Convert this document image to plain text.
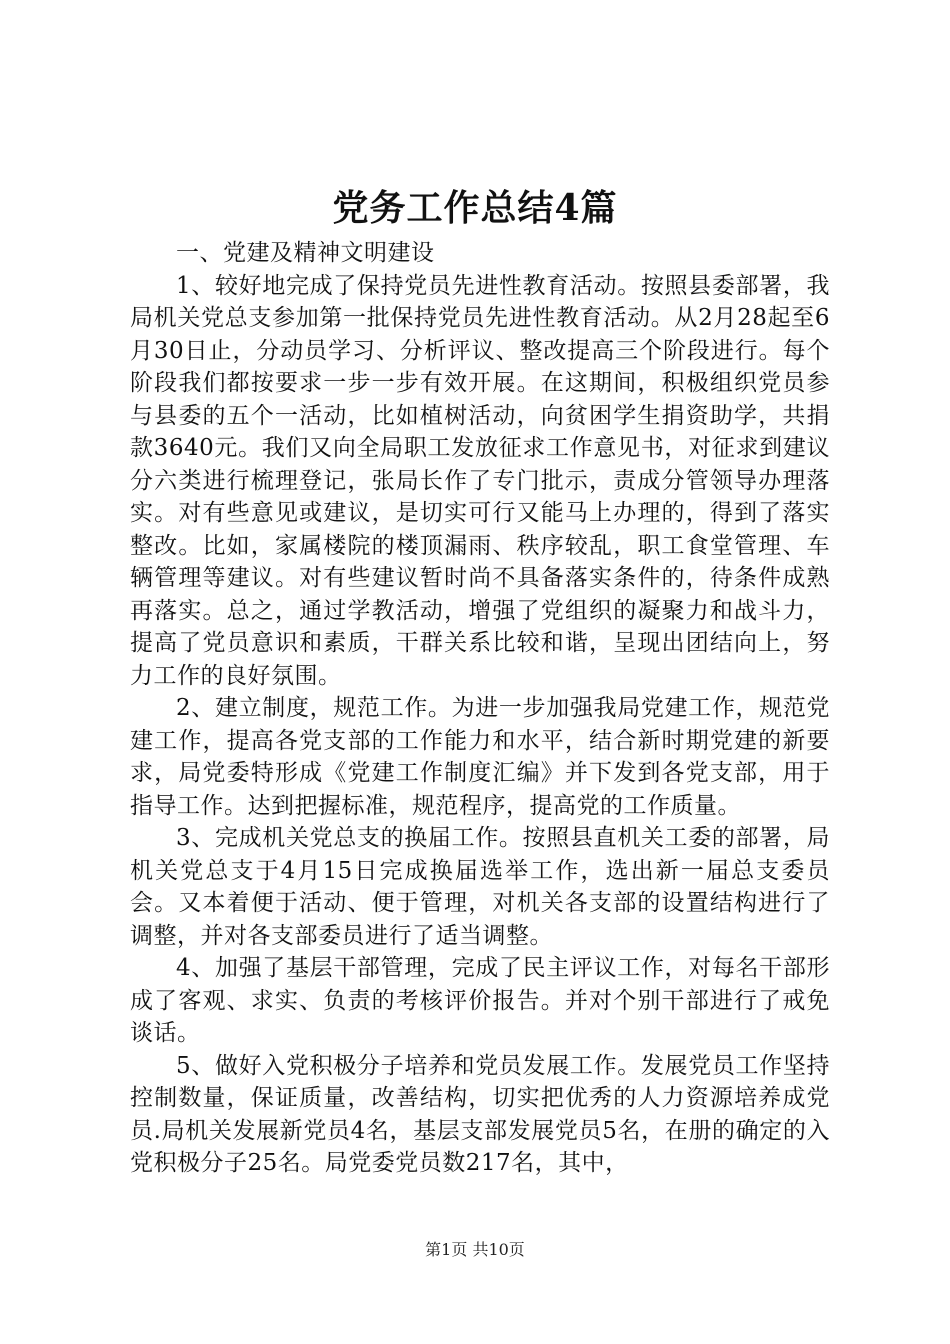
党务工作总结4篇

一、党建及精神文明建设

1、较好地完成了保持党员先进性教育活动。按照县委部署，我局机关党总支参加第一批保持党员先进性教育活动。从2月28起至6月30日止，分动员学习、分析评议、整改提高三个阶段进行。每个阶段我们都按要求一步一步有效开展。在这期间，积极组织党员参与县委的五个一活动，比如植树活动，向贫困学生捐资助学，共捐款3640元。我们又向全局职工发放征求工作意见书，对征求到建议分六类进行梳理登记，张局长作了专门批示，责成分管领导办理落实。对有些意见或建议，是切实可行又能马上办理的，得到了落实整改。比如，家属楼院的楼顶漏雨、秩序较乱，职工食堂管理、车辆管理等建议。对有些建议暂时尚不具备落实条件的，待条件成熟再落实。总之，通过学教活动，增强了党组织的凝聚力和战斗力，提高了党员意识和素质，干群关系比较和谐，呈现出团结向上，努力工作的良好氛围。

2、建立制度，规范工作。为进一步加强我局党建工作，规范党建工作，提高各党支部的工作能力和水平，结合新时期党建的新要求，局党委特形成《党建工作制度汇编》并下发到各党支部，用于指导工作。达到把握标准，规范程序，提高党的工作质量。

3、完成机关党总支的换届工作。按照县直机关工委的部署，局机关党总支于4月15日完成换届选举工作，选出新一届总支委员会。又本着便于活动、便于管理，对机关各支部的设置结构进行了调整，并对各支部委员进行了适当调整。

4、加强了基层干部管理，完成了民主评议工作，对每名干部形成了客观、求实、负责的考核评价报告。并对个别干部进行了戒免谈话。

5、做好入党积极分子培养和党员发展工作。发展党员工作坚持控制数量，保证质量，改善结构，切实把优秀的人力资源培养成党员.局机关发展新党员4名，基层支部发展党员5名，在册的确定的入党积极分子25名。局党委党员数217名，其中，

第1页 共10页
